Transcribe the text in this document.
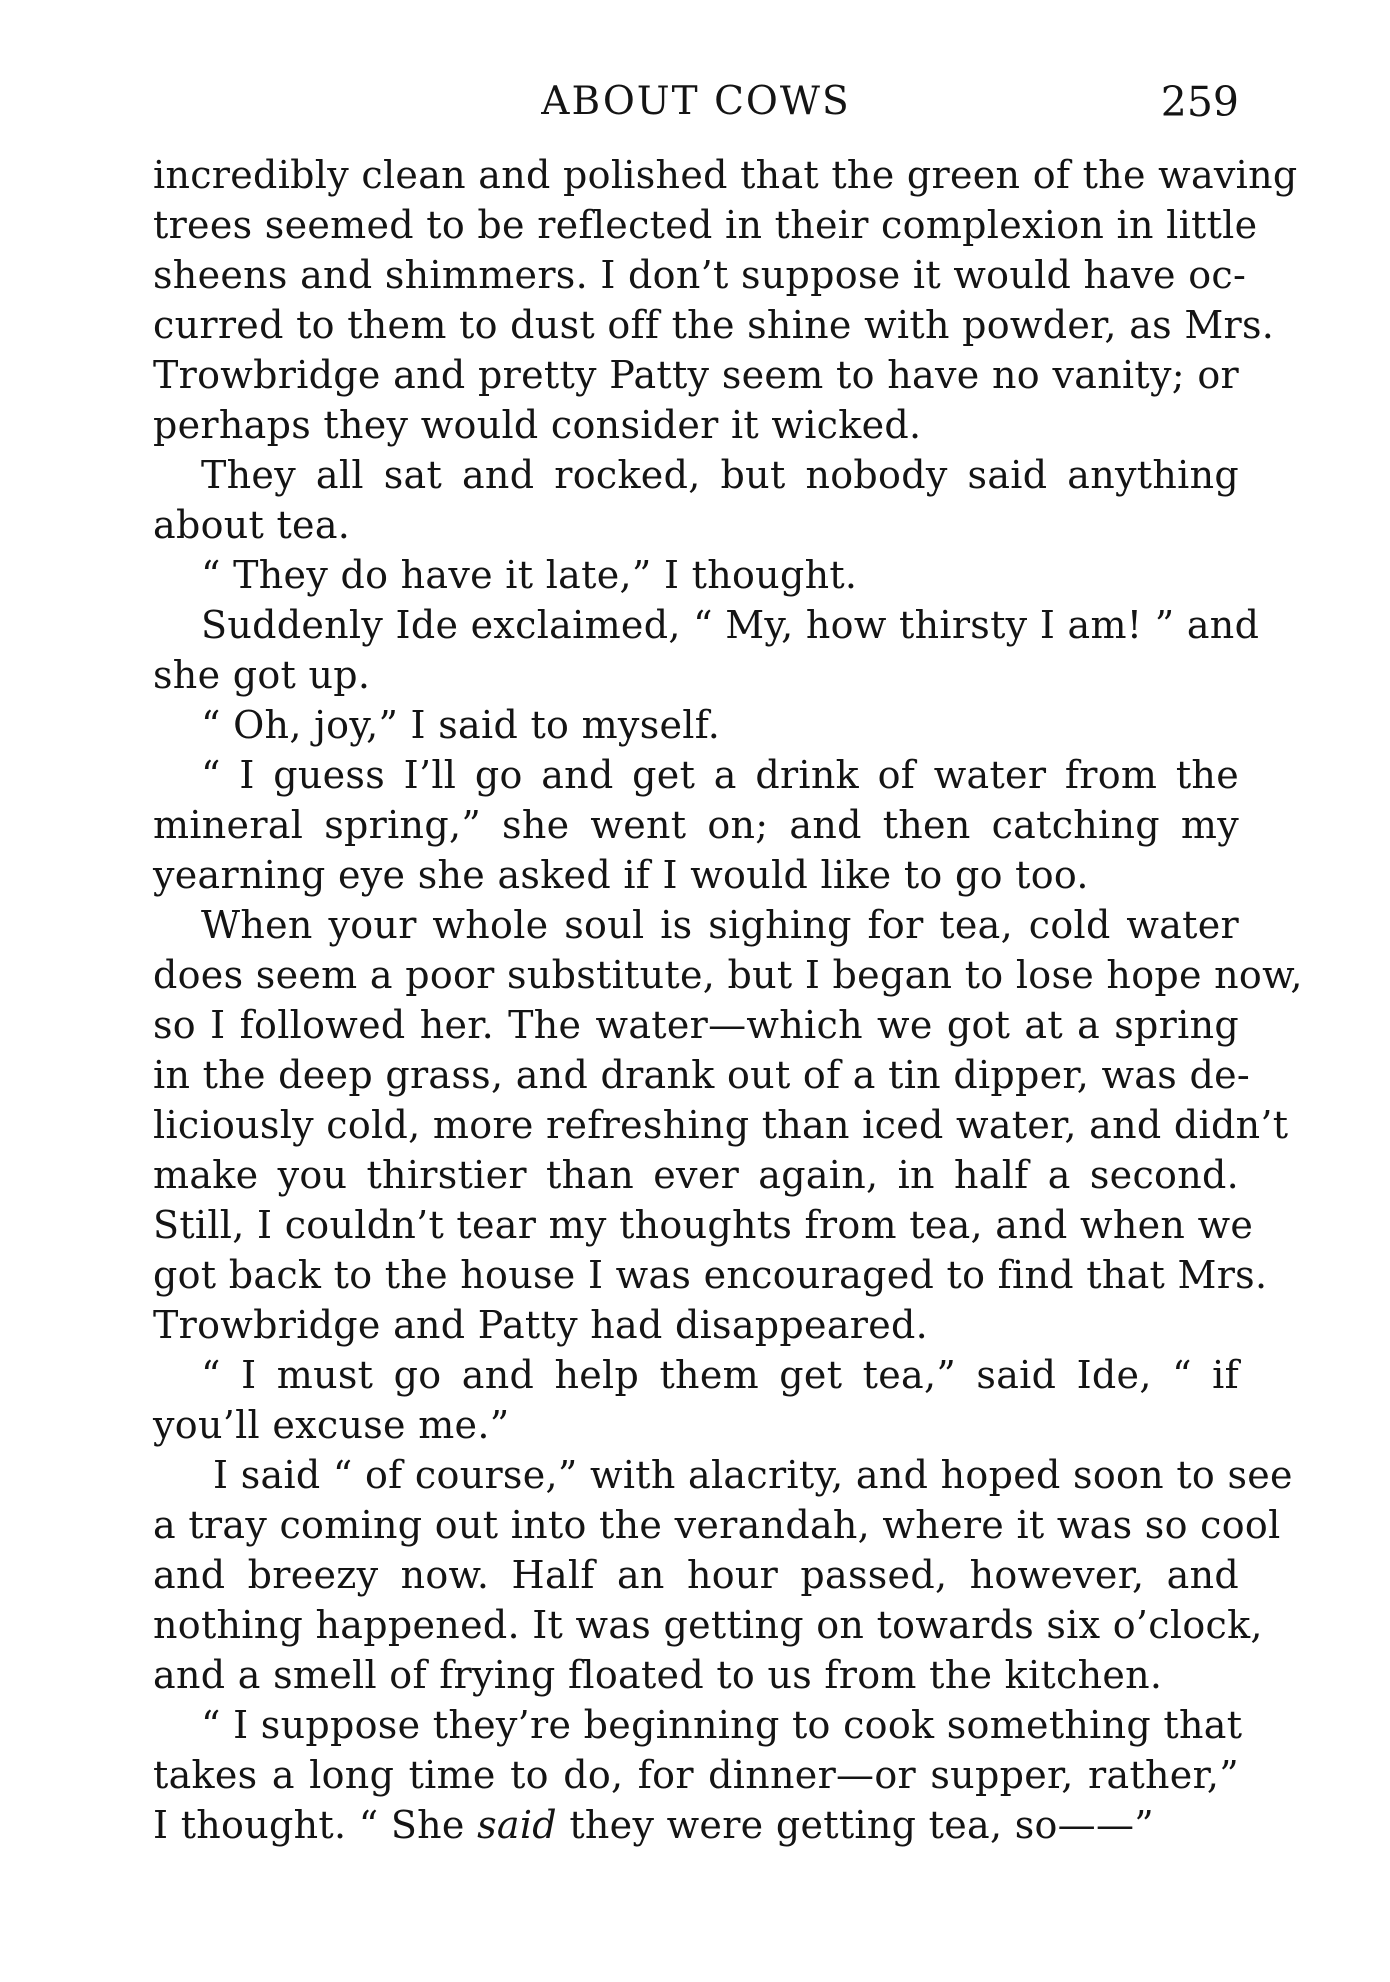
ABOUT COWS	259
incredibly clean and polished that the green of the waving
trees seemed to be reflected in their complexion in little
sheens and shimmers. I don’t suppose it would have oc-
curred to them to dust off the shine with powder, as Mrs.
Trowbridge and pretty Patty seem to have no vanity; or
perhaps they would consider it wicked.
They all sat and rocked, but nobody said anything
about tea.
“ They do have it late,” I thought.
Suddenly Ide exclaimed, “ My, how thirsty I am! ” and
she got up.
“ Oh, joy,” I said to myself.
“ I guess I’ll go and get a drink of water from the
mineral spring,” she went on; and then catching my
yearning eye she asked if I would like to go too.
When your whole soul is sighing for tea, cold water
does seem a poor substitute, but I began to lose hope now,
so I followed her. The water—which we got at a spring
in the deep grass, and drank out of a tin dipper, was de-
liciously cold, more refreshing than iced water, and didn’t
make you thirstier than ever again, in half a second.
Still, I couldn’t tear my thoughts from tea, and when we
got back to the house I was encouraged to find that Mrs.
Trowbridge and Patty had disappeared.
“ I must go and help them get tea,” said Ide, “ if
you’ll excuse me.”
I said “ of course,” with alacrity, and hoped soon to see
a tray coming out into the verandah, where it was so cool
and breezy now. Half an hour passed, however, and
nothing happened. It was getting on towards six o’clock,
and a smell of frying floated to us from the kitchen.
“ I suppose they’re beginning to cook something that
takes a long time to do, for dinner—or supper, rather,”
I thought. “ She said they were getting tea, so——”
